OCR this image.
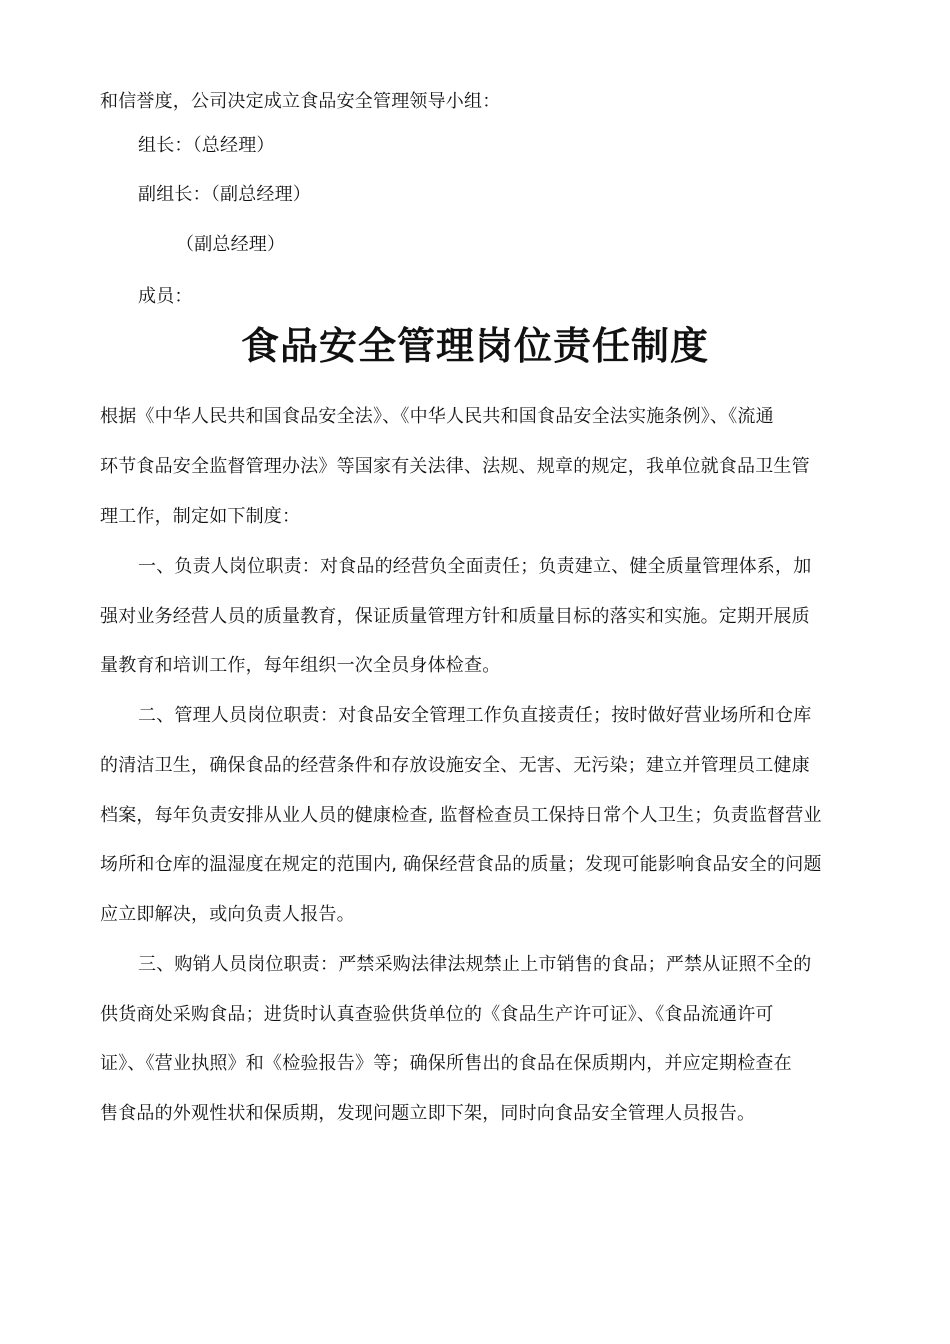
和信誉度，公司决定成立食品安全管理领导小组：
组长：（总经理）
副组长：（副总经理）
（副总经理）
成员：
食品安全管理岗位责任制度
根据《中华人民共和国食品安全法》、《中华人民共和国食品安全法实施条例》、《流通
环节食品安全监督管理办法》等国家有关法律、法规、规章的规定，我单位就食品卫生管
理工作，制定如下制度：
一、负责人岗位职责：对食品的经营负全面责任；负责建立、健全质量管理体系，加
强对业务经营人员的质量教育，保证质量管理方针和质量目标的落实和实施。定期开展质
量教育和培训工作，每年组织一次全员身体检查。
二、管理人员岗位职责：对食品安全管理工作负直接责任；按时做好营业场所和仓库
的清洁卫生，确保食品的经营条件和存放设施安全、无害、无污染；建立并管理员工健康
档案，每年负责安排从业人员的健康检查, 监督检查员工保持日常个人卫生；负责监督营业
场所和仓库的温湿度在规定的范围内, 确保经营食品的质量；发现可能影响食品安全的问题
应立即解决，或向负责人报告。
三、购销人员岗位职责：严禁采购法律法规禁止上市销售的食品；严禁从证照不全的
供货商处采购食品；进货时认真查验供货单位的《食品生产许可证》、《食品流通许可
证》、《营业执照》和《检验报告》等；确保所售出的食品在保质期内，并应定期检查在
售食品的外观性状和保质期，发现问题立即下架，同时向食品安全管理人员报告。
